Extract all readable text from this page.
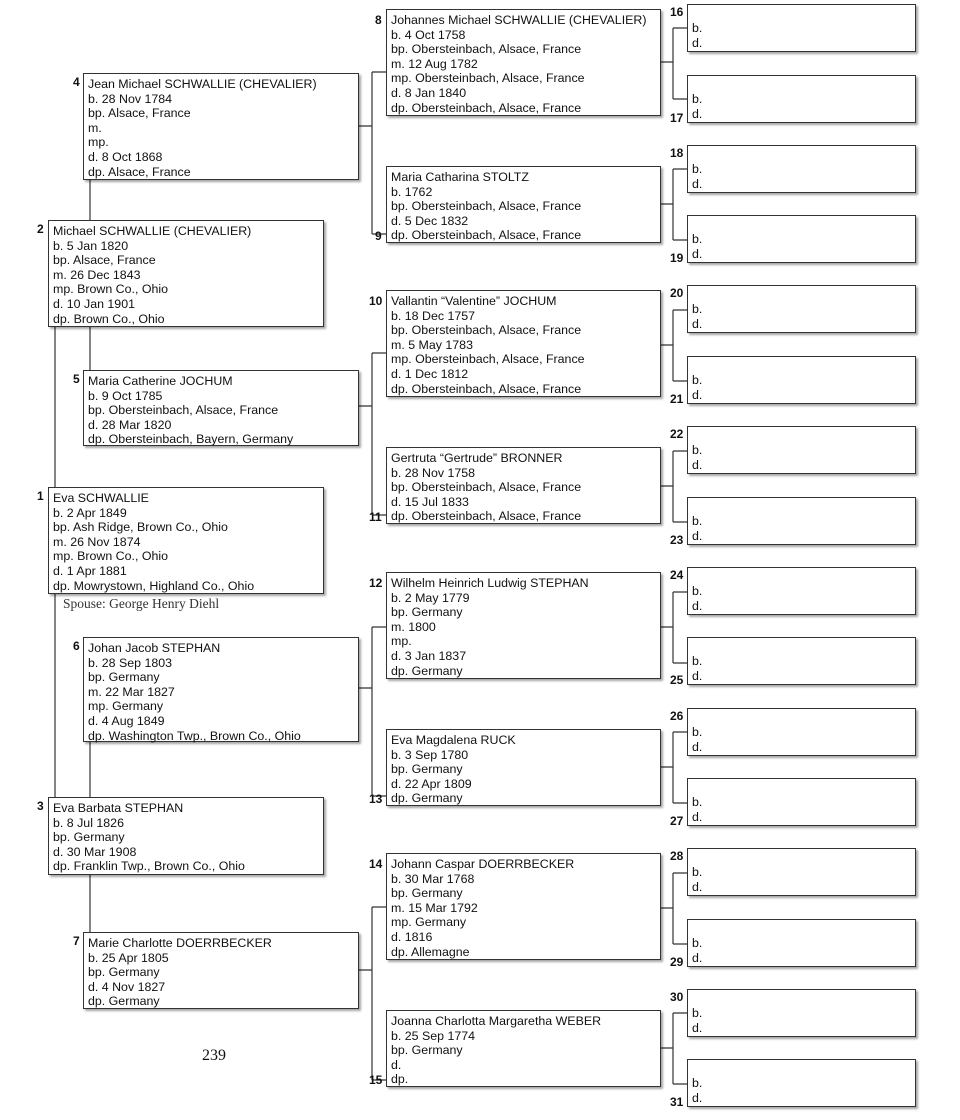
1 Eva SCHWALLIE
b. 2 Apr 1849
bp. Ash Ridge, Brown Co., Ohio
m. 26 Nov 1874
mp. Brown Co., Ohio
d. 1 Apr 1881
dp. Mowrystown, Highland Co., Ohio
Spouse: George Henry Diehl
2 Michael SCHWALLIE (CHEVALIER)
b. 5 Jan 1820
bp. Alsace, France
m. 26 Dec 1843
mp. Brown Co., Ohio
d. 10 Jan 1901
dp. Brown Co., Ohio
3 Eva Barbata STEPHAN
b. 8 Jul 1826
bp. Germany
d. 30 Mar 1908
dp. Franklin Twp., Brown Co., Ohio
4 Jean Michael SCHWALLIE (CHEVALIER)
b. 28 Nov 1784
bp. Alsace, France
m.
mp.
d. 8 Oct 1868
dp. Alsace, France
5 Maria Catherine JOCHUM
b. 9 Oct 1785
bp. Obersteinbach, Alsace, France
d. 28 Mar 1820
dp. Obersteinbach, Bayern, Germany
6 Johan Jacob STEPHAN
b. 28 Sep 1803
bp. Germany
m. 22 Mar 1827
mp. Germany
d. 4 Aug 1849
dp. Washington Twp., Brown Co., Ohio
7 Marie Charlotte DOERRBECKER
b. 25 Apr 1805
bp. Germany
d. 4 Nov 1827
dp. Germany
8 Johannes Michael SCHWALLIE (CHEVALIER)
b. 4 Oct 1758
bp. Obersteinbach, Alsace, France
m. 12 Aug 1782
mp. Obersteinbach, Alsace, France
d. 8 Jan 1840
dp. Obersteinbach, Alsace, France
9
Maria Catharina STOLTZ
b. 1762
bp. Obersteinbach, Alsace, France
d. 5 Dec 1832
dp. Obersteinbach, Alsace, France
10 Vallantin “Valentine” JOCHUM
b. 18 Dec 1757
bp. Obersteinbach, Alsace, France
m. 5 May 1783
mp. Obersteinbach, Alsace, France
d. 1 Dec 1812
dp. Obersteinbach, Alsace, France
11
Gertruta “Gertrude” BRONNER
b. 28 Nov 1758
bp. Obersteinbach, Alsace, France
d. 15 Jul 1833
dp. Obersteinbach, Alsace, France
12 Wilhelm Heinrich Ludwig STEPHAN
b. 2 May 1779
bp. Germany
m. 1800
mp.
d. 3 Jan 1837
dp. Germany
13
Eva Magdalena RUCK
b. 3 Sep 1780
bp. Germany
d. 22 Apr 1809
dp. Germany
14 Johann Caspar DOERRBECKER
b. 30 Mar 1768
bp. Germany
m. 15 Mar 1792
mp. Germany
d. 1816
dp. Allemagne
15
Joanna Charlotta Margaretha WEBER
b. 25 Sep 1774
bp. Germany
d.
dp.
b.
d.
16
b.
d.
17
b.
d.
18
b.
d.
19
b.
d.
20
b.
d.
21
b.
d.
22
b.
d.
23
b.
d.
24
b.
d.
25
b.
d.
26
b.
d.
27
b.
d.
28
b.
d.
29
b.
d.
30
b.
d.
31
239
